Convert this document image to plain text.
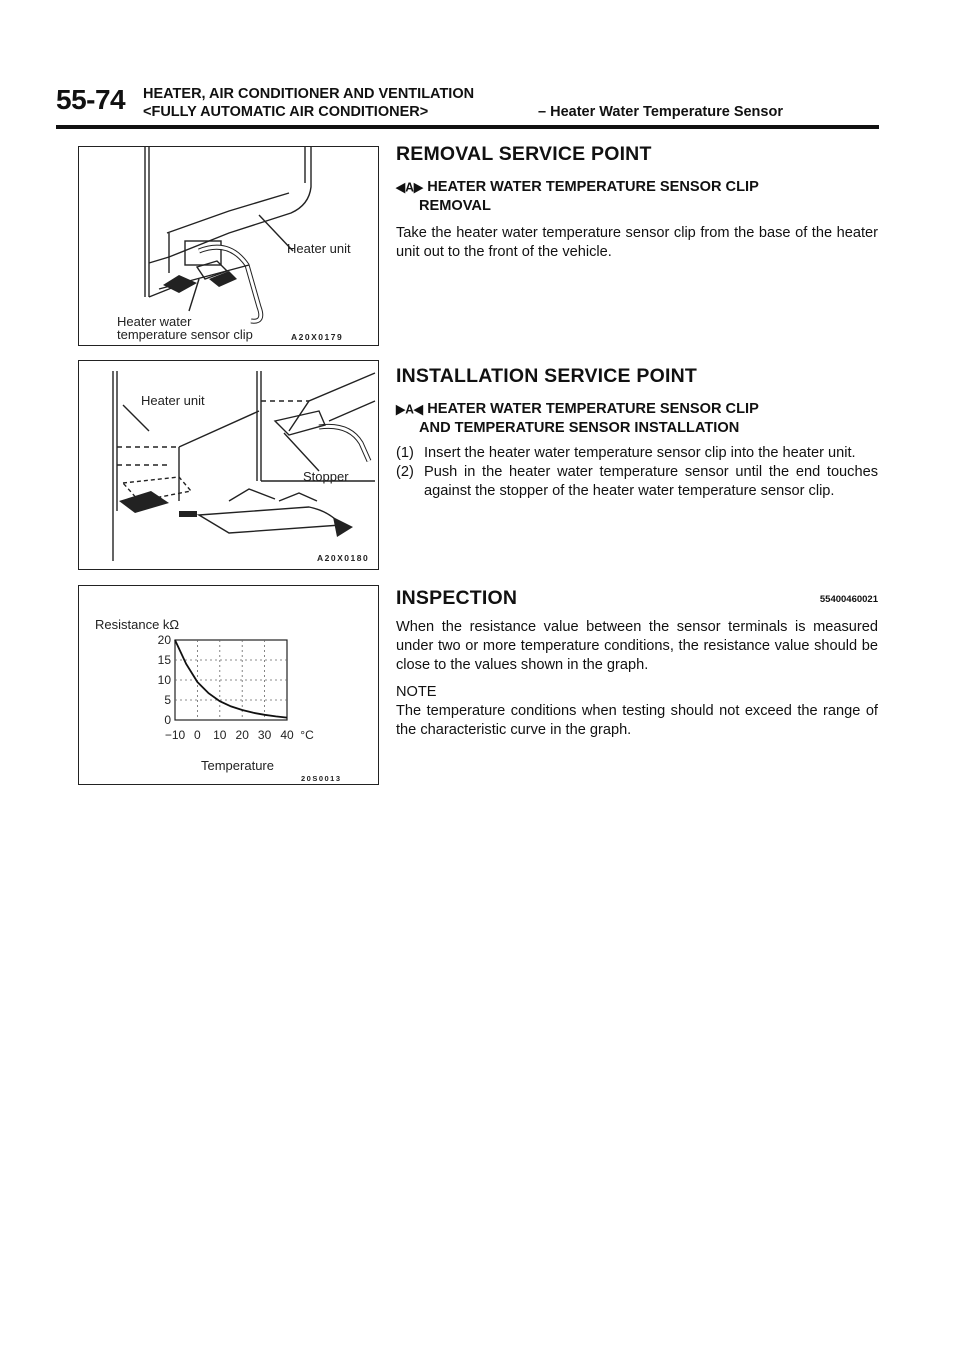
55-74 HEATER, AIR CONDITIONER AND VENTILATION
<FULLY AUTOMATIC AIR CONDITIONER>	– Heater Water Temperature Sensor
Heater unit
Heater water
temperature sensor clip	A20X0179
Heater unit
Stopper
A20X0180
20
15
10
5
0
−10 0 10 20 30 40 °C
Resistance kΩ
Temperature
20S0013
REMOVAL SERVICE POINT
◀A▶ HEATER WATER TEMPERATURE SENSOR CLIP
REMOVAL
Take the heater water temperature sensor clip from the base of the heater unit out to the front of the vehicle.
INSTALLATION SERVICE POINT
▶A◀ HEATER WATER TEMPERATURE SENSOR CLIP
AND TEMPERATURE SENSOR INSTALLATION
(1) Insert the heater water temperature sensor clip into the heater unit.
(2) Push in the heater water temperature sensor until the end touches against the stopper of the heater water temperature sensor clip.
INSPECTION	55400460021
When the resistance value between the sensor terminals is measured under two or more temperature conditions, the resistance value should be close to the values shown in the graph.
NOTE
The temperature conditions when testing should not exceed the range of the characteristic curve in the graph.
